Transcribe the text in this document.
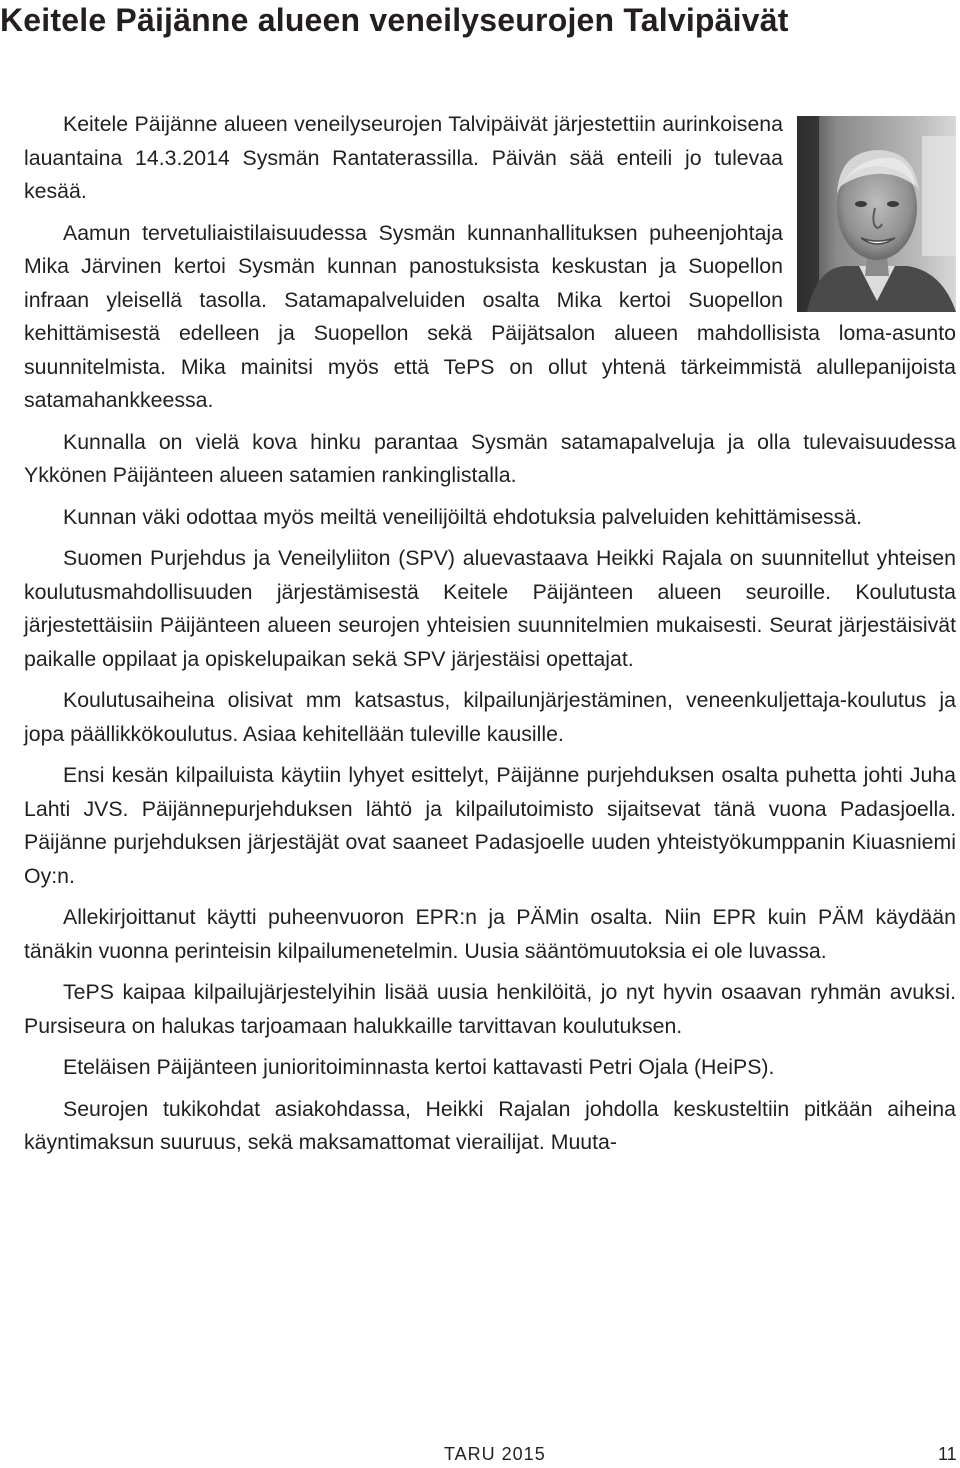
Keitele Päijänne alueen veneilyseurojen Talvipäivät

Keitele Päijänne alueen veneilyseurojen Talvipäivät järjestettiin aurinkoisena lauantaina 14.3.2014 Sysmän Rantaterassilla. Päivän sää enteili jo tulevaa kesää.

Aamun tervetuliaistilaisuudessa Sysmän kunnanhallituksen puheenjohtaja Mika Järvinen kertoi Sysmän kunnan panostuksista keskustan ja Suopellon infraan yleisellä tasolla. Satamapalveluiden osalta Mika kertoi Suopellon kehittämisestä edelleen ja Suopellon sekä Päijätsalon alueen mahdollisista loma-asunto suunnitelmista. Mika mainitsi myös että TePS on ollut yhtenä tärkeimmistä alullepanijoista satamahankkeessa.

Kunnalla on vielä kova hinku parantaa Sysmän satamapalveluja ja olla tulevaisuudessa Ykkönen Päijänteen alueen satamien rankinglistalla.

Kunnan väki odottaa myös meiltä veneilijöiltä ehdotuksia palveluiden kehittämisessä.

Suomen Purjehdus ja Veneilyliiton (SPV) aluevastaava Heikki Rajala on suunnitellut yhteisen koulutusmahdollisuuden järjestämisestä Keitele Päijänteen alueen seuroille. Koulutusta järjestettäisiin Päijänteen alueen seurojen yhteisien suunnitelmien mukaisesti. Seurat järjestäisivät paikalle oppilaat ja opiskelupaikan sekä SPV järjestäisi opettajat.

Koulutusaiheina olisivat mm katsastus, kilpailunjärjestäminen, veneenkuljettaja-koulutus ja jopa päällikkökoulutus. Asiaa kehitellään tuleville kausille.

Ensi kesän kilpailuista käytiin lyhyet esittelyt, Päijänne purjehduksen osalta puhetta johti Juha Lahti JVS. Päijännepurjehduksen lähtö ja kilpailutoimisto sijaitsevat tänä vuona Padasjoella. Päijänne purjehduksen järjestäjät ovat saaneet Padasjoelle uuden yhteistyökumppanin Kiuasniemi Oy:n.

Allekirjoittanut käytti puheenvuoron EPR:n ja PÄMin osalta. Niin EPR kuin PÄM käydään tänäkin vuonna perinteisin kilpailumenetelmin. Uusia sääntömuutoksia ei ole luvassa.

TePS kaipaa kilpailujärjestelyihin lisää uusia henkilöitä, jo nyt hyvin osaavan ryhmän avuksi. Pursiseura on halukas tarjoamaan halukkaille tarvittavan koulutuksen.

Eteläisen Päijänteen junioritoiminnasta kertoi kattavasti Petri Ojala (HeiPS).

Seurojen tukikohdat asiakohdassa, Heikki Rajalan johdolla keskusteltiin pitkään aiheina käyntimaksun suuruus, sekä maksamattomat vierailijat. Muuta-

TARU 2015	11
